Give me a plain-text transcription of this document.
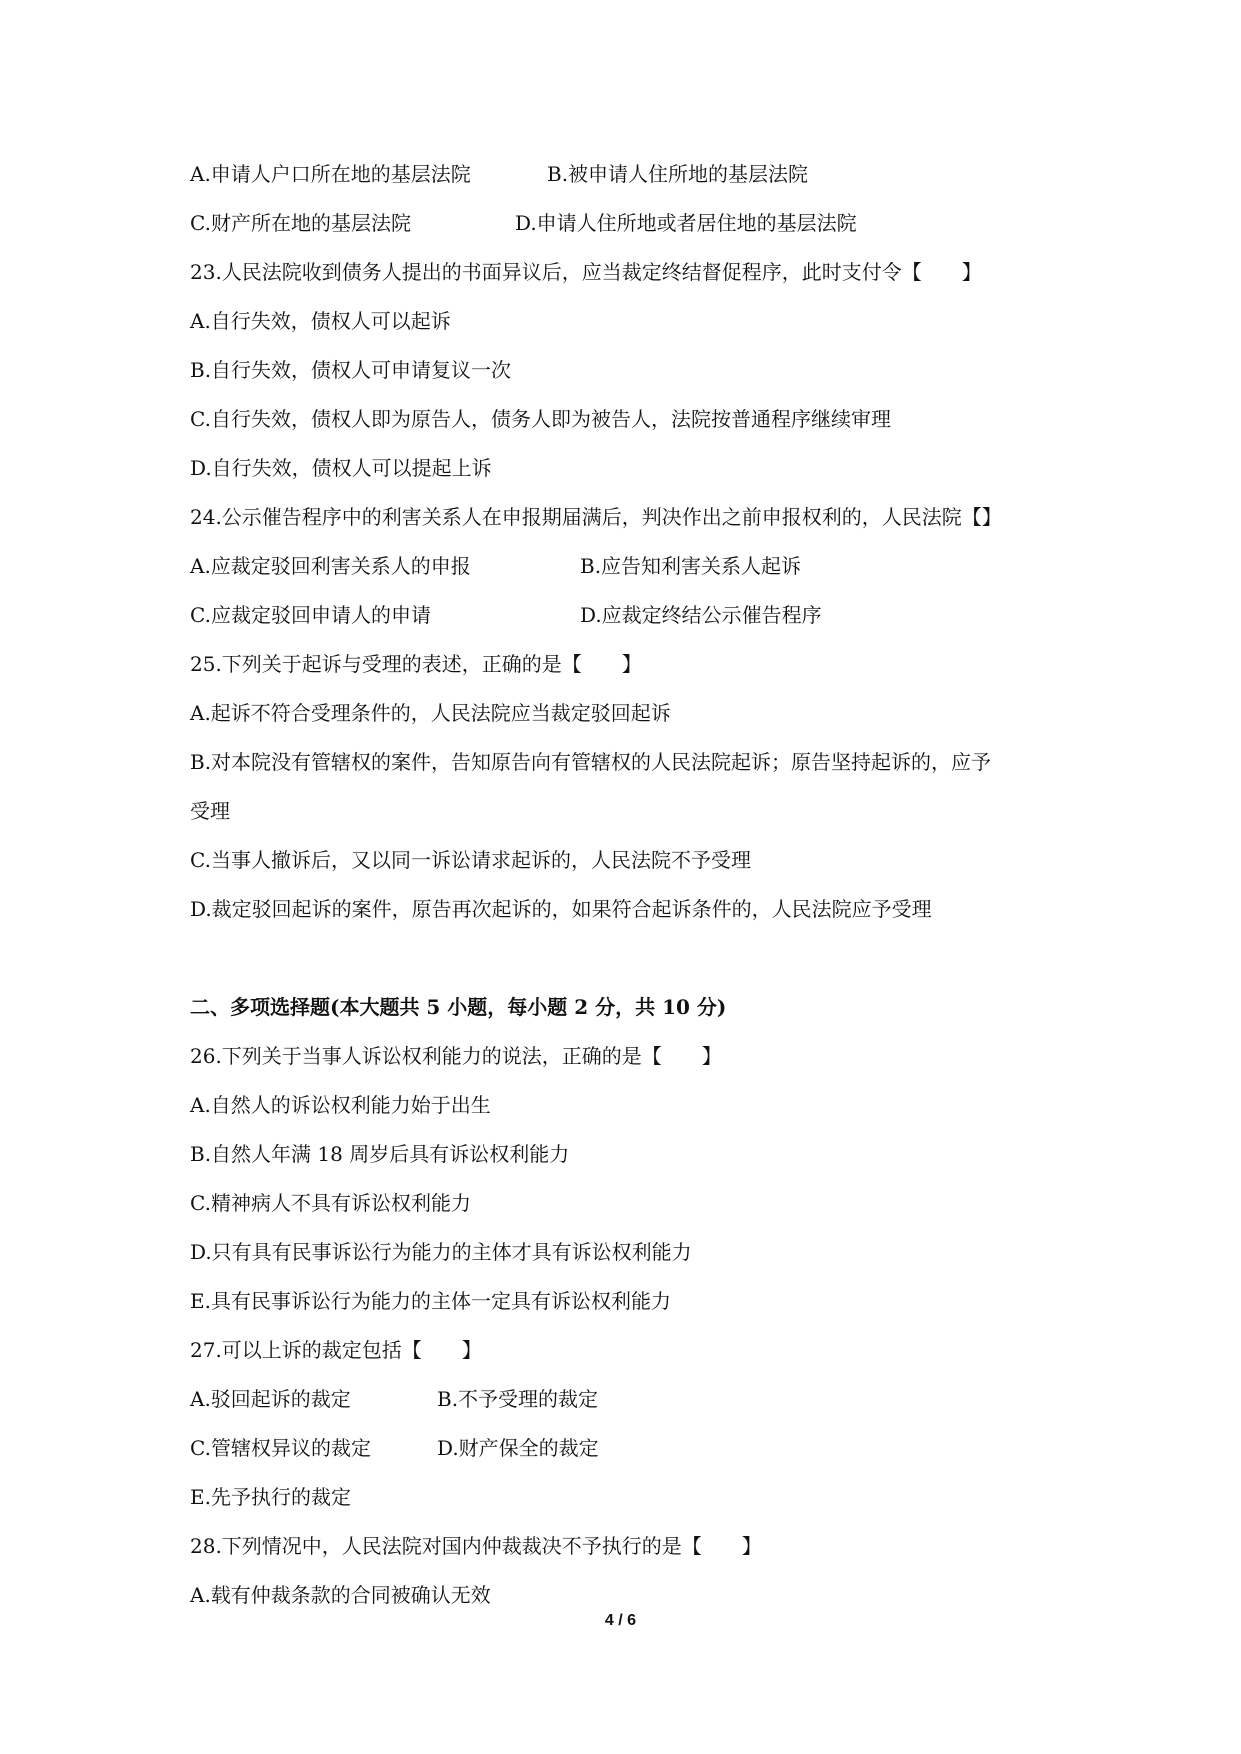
A.申请人户口所在地的基层法院	B.被申请人住所地的基层法院
C.财产所在地的基层法院	D.申请人住所地或者居住地的基层法院
23.人民法院收到债务人提出的书面异议后，应当裁定终结督促程序，此时支付令【　　】
A.自行失效，债权人可以起诉
B.自行失效，债权人可申请复议一次
C.自行失效，债权人即为原告人，债务人即为被告人，法院按普通程序继续审理
D.自行失效，债权人可以提起上诉
24.公示催告程序中的利害关系人在申报期届满后，判决作出之前申报权利的，人民法院【】
A.应裁定驳回利害关系人的申报	B.应告知利害关系人起诉
C.应裁定驳回申请人的申请	D.应裁定终结公示催告程序
25.下列关于起诉与受理的表述，正确的是【　　】
A.起诉不符合受理条件的，人民法院应当裁定驳回起诉
B.对本院没有管辖权的案件，告知原告向有管辖权的人民法院起诉；原告坚持起诉的，应予
受理
C.当事人撤诉后，又以同一诉讼请求起诉的，人民法院不予受理
D.裁定驳回起诉的案件，原告再次起诉的，如果符合起诉条件的，人民法院应予受理
二、多项选择题(本大题共 5 小题，每小题 2 分，共 10 分)
26.下列关于当事人诉讼权利能力的说法，正确的是【　　】
A.自然人的诉讼权利能力始于出生
B.自然人年满 18 周岁后具有诉讼权利能力
C.精神病人不具有诉讼权利能力
D.只有具有民事诉讼行为能力的主体才具有诉讼权利能力
E.具有民事诉讼行为能力的主体一定具有诉讼权利能力
27.可以上诉的裁定包括【　　】
A.驳回起诉的裁定	B.不予受理的裁定
C.管辖权异议的裁定	D.财产保全的裁定
E.先予执行的裁定
28.下列情况中，人民法院对国内仲裁裁决不予执行的是【　　】
A.载有仲裁条款的合同被确认无效
4 / 6
